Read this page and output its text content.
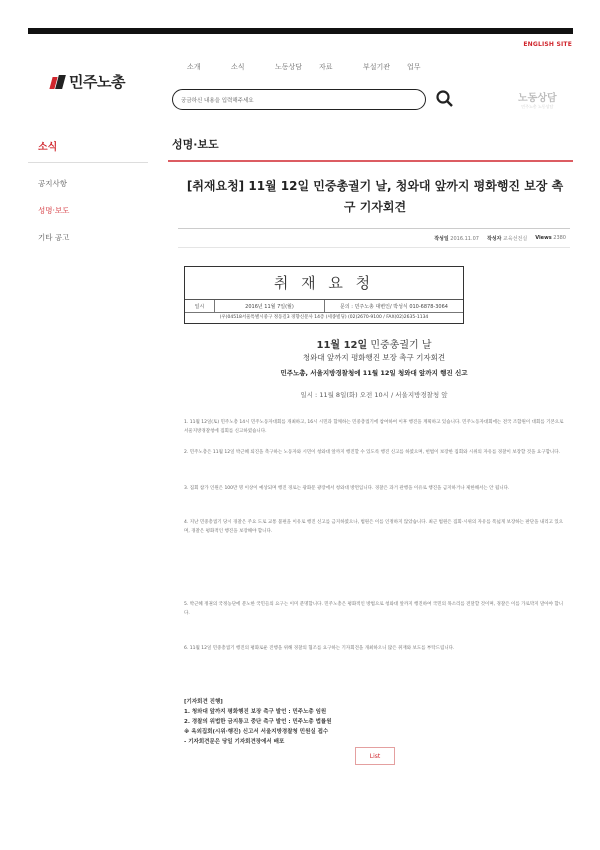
ENGLISH SITE
민주노총
소개	소식	노동상담	자료	부설기관	업무
궁금하신 내용을 입력해주세요	노동상담
민주노총 노동상담
소식
공지사항
성명·보도
기타 공고
성명·보도
[취재요청] 11월 12일 민중총궐기 날, 청와대 앞까지 평화행진 보장 촉구 기자회견
작성일 2016.11.07 작성자 교육선전실 Views 2380
취 재 요 청
일시	2016년 11월 7일(월)	문의 : 민주노총 대변인/ 박성식 010-6878-3064
(우)04518서울특별시중구 정동길3 경향신문사 14층 (세종빌딩) (02)2670-9100 / FAX(02)2635-1134
11월 12일 민중총궐기 날
청와대 앞까지 평화행진 보장 촉구 기자회견
민주노총, 서울지방경찰청에 11월 12일 청와대 앞까지 행진 신고
일시 : 11월 8일(화) 오전 10시 / 서울지방경찰청 앞

1. 11월 12일(토) 민주노총 14시 민주노동자대회를 개최하고, 16시 시민과 함께하는 민중총궐기에 참여하여 이후 행진을 계획하고 있습니다. 민주노동자대회에는 전국 조합원이 대회를 기본으로 서울지방경찰청에 집회를 신고하였습니다.

2. 민주노총은 11월 12일 박근혜 퇴진을 촉구하는 노동자와 시민이 청와대 앞까지 행진할 수 있도록 행진 신고를 하였으며, 헌법이 보장한 집회와 시위의 자유를 경찰이 보장할 것을 요구합니다.

3. 집회 참가 인원은 100만 명 이상이 예상되며 행진 경로는 광화문 광장에서 청와대 방면입니다. 경찰은 과거 관행을 이유로 행진을 금지하거나 제한해서는 안 됩니다.

4. 지난 민중총궐기 당시 경찰은 주요 도로 교통 불편을 이유로 행진 신고를 금지하였으나, 법원은 이를 인정하지 않았습니다. 최근 법원은 집회·시위의 자유를 폭넓게 보장하는 판단을 내리고 있으며, 경찰은 평화적인 행진을 보장해야 합니다.

5. 박근혜 정권의 국정농단에 분노한 국민들의 요구는 이미 분명합니다. 민주노총은 평화적인 방법으로 청와대 앞까지 행진하여 국민의 목소리를 전달할 것이며, 경찰은 이를 가로막지 말아야 합니다.

6. 11월 12일 민중총궐기 행진의 평화로운 진행을 위해 경찰의 협조를 요구하는 기자회견을 개최하오니 많은 취재와 보도를 부탁드립니다.

[기자회견 진행]
1. 청와대 앞까지 평화행진 보장 촉구 발언 : 민주노총 임원
2. 경찰의 위법한 금지통고 중단 촉구 발언 : 민주노총 법률원
※ 옥외집회(시위·행진) 신고서 서울지방경찰청 민원실 접수
- 기자회견문은 당일 기자회견장에서 배포
List
